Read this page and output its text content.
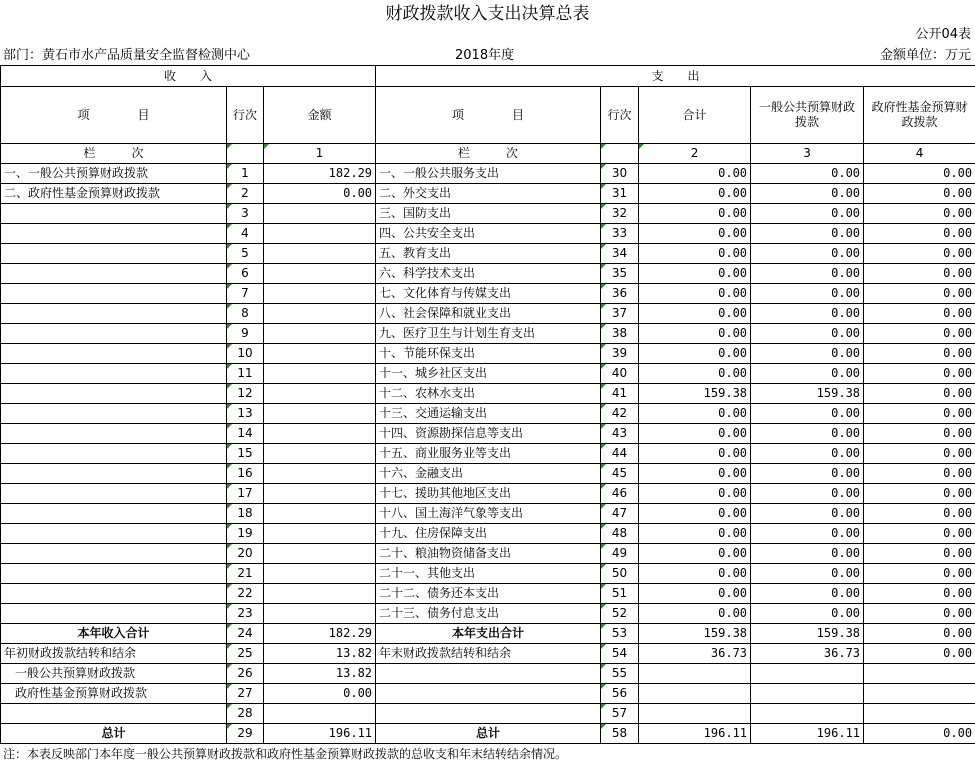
财政拨款收入支出决算总表
公开04表
部门：黄石市水产品质量安全监督检测中心	2018年度	金额单位：万元
收　　入			支　　出				
项　　　　目	行次	金额	项　　　　目	行次	合计	一般公共预算财政拨款	政府性基金预算财政拨款
栏　　　次		1	栏　　　次		2	3	4
一、一般公共预算财政拨款	1	182.29	一、一般公共服务支出	30	0.00	0.00	0.00
二、政府性基金预算财政拨款	2	0.00	二、外交支出	31	0.00	0.00	0.00
	3		三、国防支出	32	0.00	0.00	0.00
	4		四、公共安全支出	33	0.00	0.00	0.00
	5		五、教育支出	34	0.00	0.00	0.00
	6		六、科学技术支出	35	0.00	0.00	0.00
	7		七、文化体育与传媒支出	36	0.00	0.00	0.00
	8		八、社会保障和就业支出	37	0.00	0.00	0.00
	9		九、医疗卫生与计划生育支出	38	0.00	0.00	0.00
	10		十、节能环保支出	39	0.00	0.00	0.00
	11		十一、城乡社区支出	40	0.00	0.00	0.00
	12		十二、农林水支出	41	159.38	159.38	0.00
	13		十三、交通运输支出	42	0.00	0.00	0.00
	14		十四、资源勘探信息等支出	43	0.00	0.00	0.00
	15		十五、商业服务业等支出	44	0.00	0.00	0.00
	16		十六、金融支出	45	0.00	0.00	0.00
	17		十七、援助其他地区支出	46	0.00	0.00	0.00
	18		十八、国土海洋气象等支出	47	0.00	0.00	0.00
	19		十九、住房保障支出	48	0.00	0.00	0.00
	20		二十、粮油物资储备支出	49	0.00	0.00	0.00
	21		二十一、其他支出	50	0.00	0.00	0.00
	22		二十二、债务还本支出	51	0.00	0.00	0.00
	23		二十三、债务付息支出	52	0.00	0.00	0.00
本年收入合计	24	182.29	本年支出合计	53	159.38	159.38	0.00
年初财政拨款结转和结余	25	13.82	年末财政拨款结转和结余	54	36.73	36.73	0.00
一般公共预算财政拨款	26	13.82		55			
政府性基金预算财政拨款	27	0.00		56			
	28			57			
总计	29	196.11	总计	58	196.11	196.11	0.00
注：本表反映部门本年度一般公共预算财政拨款和政府性基金预算财政拨款的总收支和年末结转结余情况。
